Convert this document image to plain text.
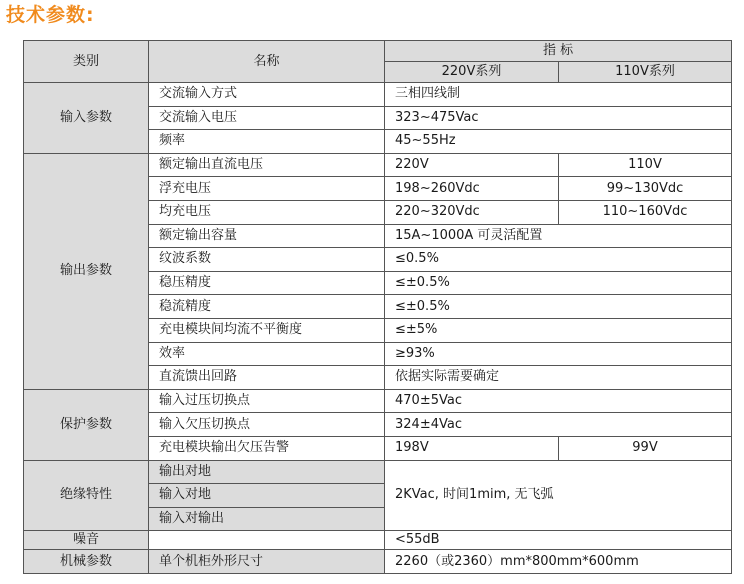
技术参数:
类别	名称	指 标	
		220V系列	110V系列
输入参数	交流输入方式	三相四线制	
	交流输入电压	323~475Vac	
	频率	45~55Hz	
输出参数	额定输出直流电压	220V	110V
	浮充电压	198~260Vdc	99~130Vdc
	均充电压	220~320Vdc	110~160Vdc
	额定输出容量	15A~1000A 可灵活配置	
	纹波系数	≤0.5%	
	稳压精度	≤±0.5%	
	稳流精度	≤±0.5%	
	充电模块间均流不平衡度	≤±5%	
	效率	≥93%	
	直流馈出回路	依据实际需要确定	
保护参数	输入过压切换点	470±5Vac	
	输入欠压切换点	324±4Vac	
	充电模块输出欠压告警	198V	99V
绝缘特性	输出对地	2KVac, 时间1mim, 无飞弧	
	输入对地		
	输入对输出		
噪音		<55dB	
机械参数	单个机柜外形尺寸	2260（或2360）mm*800mm*600mm	
